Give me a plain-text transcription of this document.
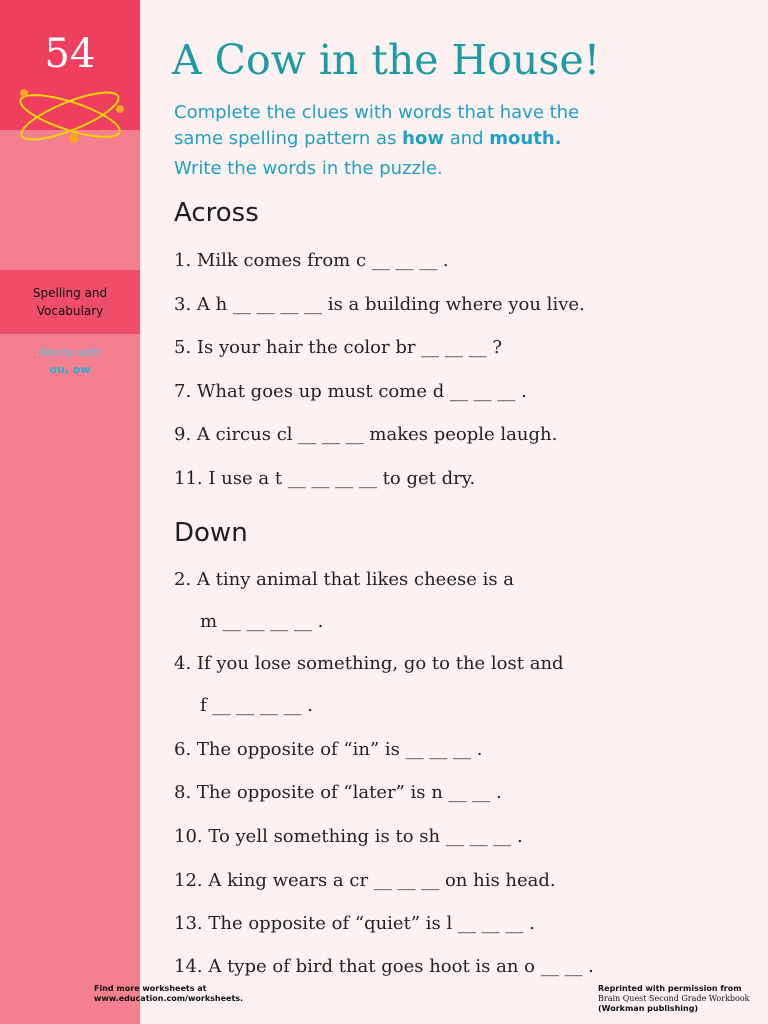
54
Spelling and
Vocabulary
Words with
ou, ow
A Cow in the House!

Complete the clues with words that have the

same spelling pattern as how and mouth.

Write the words in the puzzle.

Across
1. Milk comes from c __ __ __ .
3. A h __ __ __ __ is a building where you live.
5. Is your hair the color br __ __ __ ?
7. What goes up must come d __ __ __ .
9. A circus cl __ __ __ makes people laugh.
11. I use a t __ __ __ __ to get dry.
Down
2. A tiny animal that likes cheese is a
m __ __ __ __ .
4. If you lose something, go to the lost and
f __ __ __ __ .
6. The opposite of “in” is __ __ __ .
8. The opposite of “later” is n __ __ .
10. To yell something is to sh __ __ __ .
12. A king wears a cr __ __ __ on his head.
13. The opposite of “quiet” is l __ __ __ .
14. A type of bird that goes hoot is an o __ __ .
Find more worksheets at
www.education.com/worksheets.
Reprinted with permission from
Brain Quest Second Grade Workbook
(Workman publishing)
